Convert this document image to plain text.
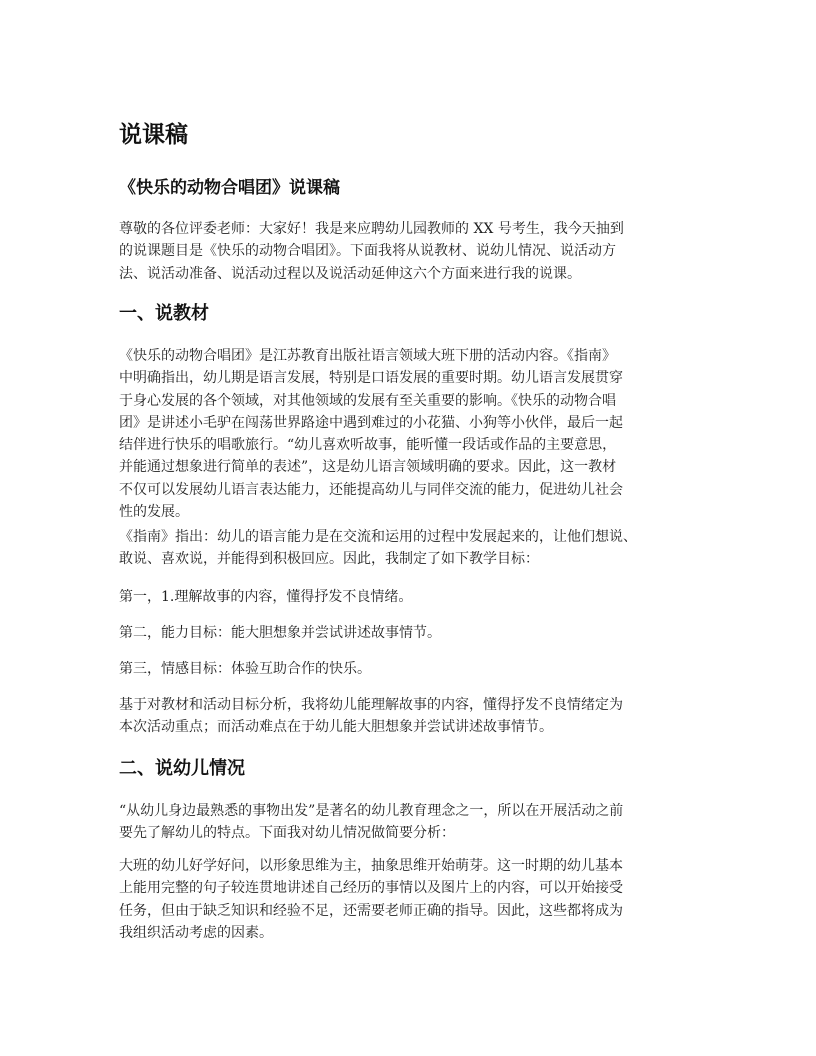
说课稿
《快乐的动物合唱团》说课稿

尊敬的各位评委老师：大家好！我是来应聘幼儿园教师的 XX 号考生，我今天抽到

的说课题目是《快乐的动物合唱团》。下面我将从说教材、说幼儿情况、说活动方

法、说活动准备、说活动过程以及说活动延伸这六个方面来进行我的说课。

一、说教材

《快乐的动物合唱团》是江苏教育出版社语言领域大班下册的活动内容。《指南》

中明确指出，幼儿期是语言发展，特别是口语发展的重要时期。幼儿语言发展贯穿

于身心发展的各个领域，对其他领域的发展有至关重要的影响。《快乐的动物合唱

团》是讲述小毛驴在闯荡世界路途中遇到难过的小花猫、小狗等小伙伴，最后一起

结伴进行快乐的唱歌旅行。“幼儿喜欢听故事，能听懂一段话或作品的主要意思，

并能通过想象进行简单的表述”，这是幼儿语言领域明确的要求。因此，这一教材

不仅可以发展幼儿语言表达能力，还能提高幼儿与同伴交流的能力，促进幼儿社会

性的发展。

《指南》指出：幼儿的语言能力是在交流和运用的过程中发展起来的，让他们想说、

敢说、喜欢说，并能得到积极回应。因此，我制定了如下教学目标：

第一，1.理解故事的内容，懂得抒发不良情绪。

第二，能力目标：能大胆想象并尝试讲述故事情节。

第三，情感目标：体验互助合作的快乐。

基于对教材和活动目标分析，我将幼儿能理解故事的内容，懂得抒发不良情绪定为

本次活动重点；而活动难点在于幼儿能大胆想象并尝试讲述故事情节。

二、说幼儿情况

“从幼儿身边最熟悉的事物出发”是著名的幼儿教育理念之一，所以在开展活动之前

要先了解幼儿的特点。下面我对幼儿情况做简要分析：

大班的幼儿好学好问，以形象思维为主，抽象思维开始萌芽。这一时期的幼儿基本

上能用完整的句子较连贯地讲述自己经历的事情以及图片上的内容，可以开始接受

任务，但由于缺乏知识和经验不足，还需要老师正确的指导。因此，这些都将成为

我组织活动考虑的因素。
